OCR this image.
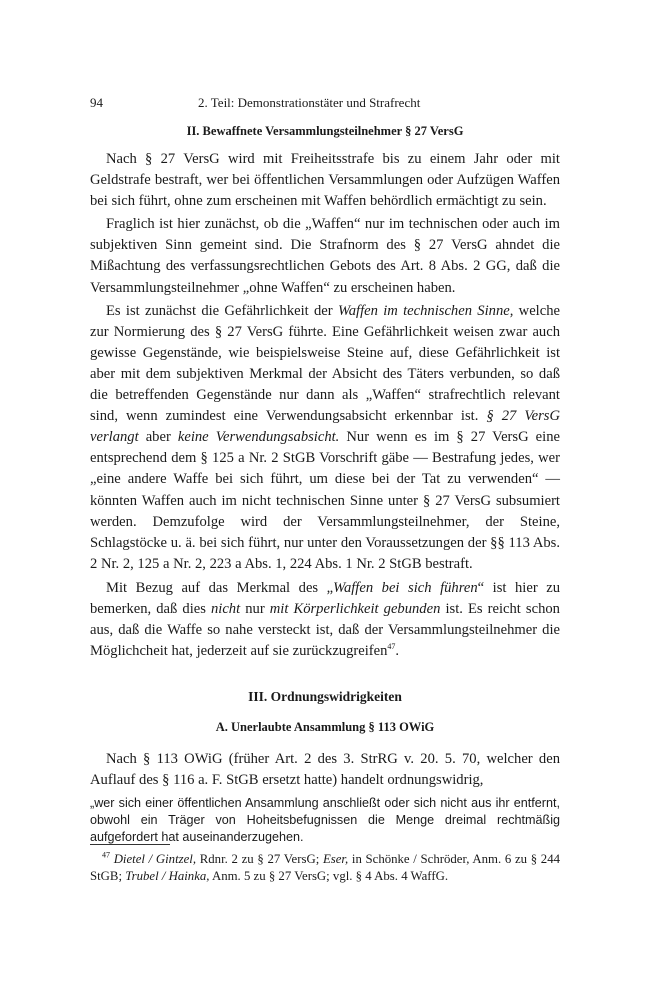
94	2. Teil: Demonstrationstäter und Strafrecht
II. Bewaffnete Versammlungsteilnehmer § 27 VersG

Nach § 27 VersG wird mit Freiheitsstrafe bis zu einem Jahr oder mit Geldstrafe bestraft, wer bei öffentlichen Versammlungen oder Aufzügen Waffen bei sich führt, ohne zum erscheinen mit Waffen behördlich ermächtigt zu sein.

Fraglich ist hier zunächst, ob die „Waffen“ nur im technischen oder auch im subjektiven Sinn gemeint sind. Die Strafnorm des § 27 VersG ahndet die Mißachtung des verfassungsrechtlichen Gebots des Art. 8 Abs. 2 GG, daß die Versammlungsteilnehmer „ohne Waffen“ zu erscheinen haben.

Es ist zunächst die Gefährlichkeit der Waffen im technischen Sinne, welche zur Normierung des § 27 VersG führte. Eine Gefährlichkeit weisen zwar auch gewisse Gegenstände, wie beispielsweise Steine auf, diese Gefährlichkeit ist aber mit dem subjektiven Merkmal der Absicht des Täters verbunden, so daß die betreffenden Gegenstände nur dann als „Waffen“ strafrechtlich relevant sind, wenn zumindest eine Verwendungsabsicht erkennbar ist. § 27 VersG verlangt aber keine Verwendungsabsicht. Nur wenn es im § 27 VersG eine entsprechend dem § 125 a Nr. 2 StGB Vorschrift gäbe — Bestrafung jedes, wer „eine andere Waffe bei sich führt, um diese bei der Tat zu verwenden“ — könnten Waffen auch im nicht technischen Sinne unter § 27 VersG subsumiert werden. Demzufolge wird der Versammlungsteilnehmer, der Steine, Schlagstöcke u. ä. bei sich führt, nur unter den Voraussetzungen der §§ 113 Abs. 2 Nr. 2, 125 a Nr. 2, 223 a Abs. 1, 224 Abs. 1 Nr. 2 StGB bestraft.

Mit Bezug auf das Merkmal des „Waffen bei sich führen“ ist hier zu bemerken, daß dies nicht nur mit Körperlichkeit gebunden ist. Es reicht schon aus, daß die Waffe so nahe versteckt ist, daß der Versammlungsteilnehmer die Möglichcheit hat, jederzeit auf sie zurückzugreifen$^{47}$.

III. Ordnungswidrigkeiten
A. Unerlaubte Ansammlung § 113 OWiG

Nach § 113 OWiG (früher Art. 2 des 3. StrRG v. 20. 5. 70, welcher den Auflauf des § 116 a. F. StGB ersetzt hatte) handelt ordnungswidrig,

„wer sich einer öffentlichen Ansammlung anschließt oder sich nicht aus ihr entfernt, obwohl ein Träger von Hoheitsbefugnissen die Menge dreimal rechtmäßig aufgefordert hat auseinanderzugehen.

$^{47}$ Dietel / Gintzel, Rdnr. 2 zu § 27 VersG; Eser, in Schönke / Schröder, Anm. 6 zu § 244 StGB; Trubel / Hainka, Anm. 5 zu § 27 VersG; vgl. § 4 Abs. 4 WaffG.
